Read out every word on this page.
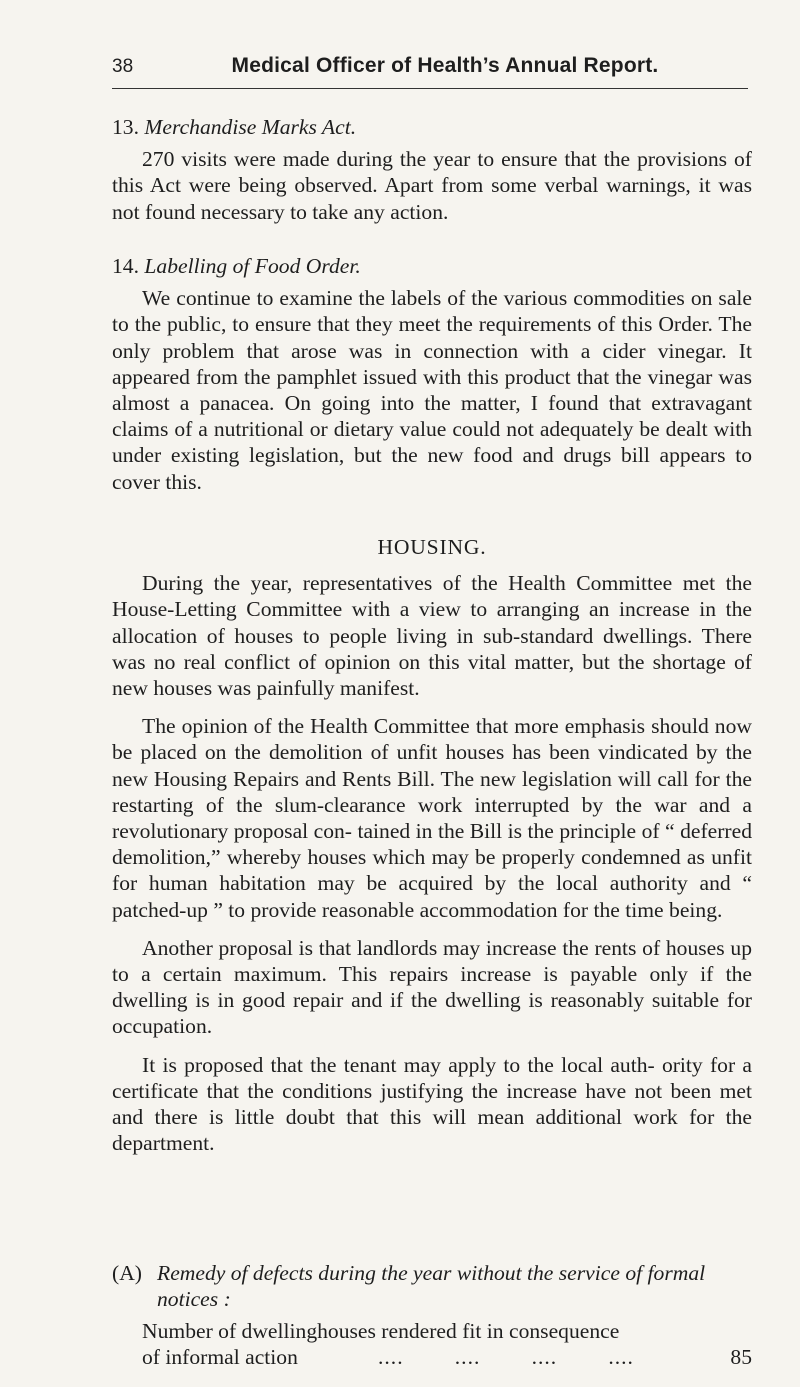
38	Medical Officer of Health’s Annual Report.
13. Merchandise Marks Act.

270 visits were made during the year to ensure that the provisions of this Act were being observed. Apart from some verbal warnings, it was not found necessary to take any action.

14. Labelling of Food Order.

We continue to examine the labels of the various commodities on sale to the public, to ensure that they meet the requirements of this Order. The only problem that arose was in connection with a cider vinegar. It appeared from the pamphlet issued with this product that the vinegar was almost a panacea. On going into the matter, I found that extravagant claims of a nutritional or dietary value could not adequately be dealt with under existing legislation, but the new food and drugs bill appears to cover this.

HOUSING.

During the year, representatives of the Health Committee met the House-Letting Committee with a view to arranging an increase in the allocation of houses to people living in sub-standard dwellings. There was no real conflict of opinion on this vital matter, but the shortage of new houses was painfully manifest.

The opinion of the Health Committee that more emphasis should now be placed on the demolition of unfit houses has been vindicated by the new Housing Repairs and Rents Bill. The new legislation will call for the restarting of the slum-clearance work interrupted by the war and a revolutionary proposal con- tained in the Bill is the principle of “ deferred demolition,” whereby houses which may be properly condemned as unfit for human habitation may be acquired by the local authority and “ patched-up ” to provide reasonable accommodation for the time being.

Another proposal is that landlords may increase the rents of houses up to a certain maximum. This repairs increase is payable only if the dwelling is in good repair and if the dwelling is reasonably suitable for occupation.

It is proposed that the tenant may apply to the local auth- ority for a certificate that the conditions justifying the increase have not been met and there is little doubt that this will mean additional work for the department.

(A) Remedy of defects during the year without the service of formal notices :
Number of dwellinghouses rendered fit in consequence
of informal action	....        ....        ....        ....	85
